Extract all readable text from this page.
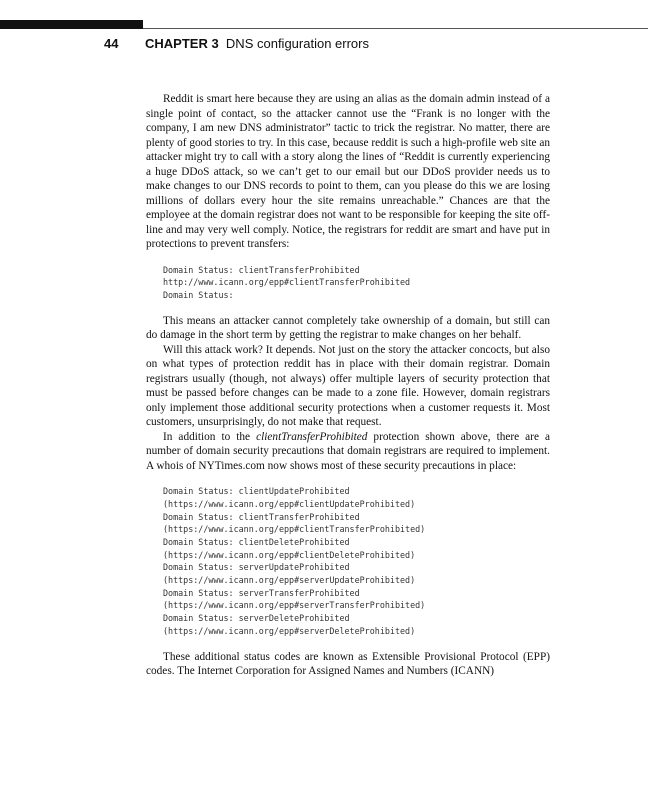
44 CHAPTER 3 DNS configuration errors

Reddit is smart here because they are using an alias as the domain admin instead of a single point of contact, so the attacker cannot use the “Frank is no longer with the company, I am new DNS administrator” tactic to trick the registrar. No matter, there are plenty of good stories to try. In this case, because reddit is such a high-profile web site an attacker might try to call with a story along the lines of “Reddit is currently experiencing a huge DDoS attack, so we can’t get to our email but our DDoS provider needs us to make changes to our DNS records to point to them, can you please do this we are losing millions of dollars every hour the site remains unreachable.” Chances are that the employee at the domain registrar does not want to be responsible for keeping the site off-line and may very well comply. Notice, the registrars for reddit are smart and have put in protections to prevent transfers:

Domain Status: clientTransferProhibited
http://www.icann.org/epp#clientTransferProhibited
Domain Status:

This means an attacker cannot completely take ownership of a domain, but still can do damage in the short term by getting the registrar to make changes on her behalf.

Will this attack work? It depends. Not just on the story the attacker concocts, but also on what types of protection reddit has in place with their domain registrar. Domain registrars usually (though, not always) offer multiple layers of security protection that must be passed before changes can be made to a zone file. However, domain registrars only implement those additional security protections when a customer requests it. Most customers, unsurprisingly, do not make that request.

In addition to the clientTransferProhibited protection shown above, there are a number of domain security precautions that domain registrars are required to implement. A whois of NYTimes.com now shows most of these security precautions in place:

Domain Status: clientUpdateProhibited
(https://www.icann.org/epp#clientUpdateProhibited)
Domain Status: clientTransferProhibited
(https://www.icann.org/epp#clientTransferProhibited)
Domain Status: clientDeleteProhibited
(https://www.icann.org/epp#clientDeleteProhibited)
Domain Status: serverUpdateProhibited
(https://www.icann.org/epp#serverUpdateProhibited)
Domain Status: serverTransferProhibited
(https://www.icann.org/epp#serverTransferProhibited)
Domain Status: serverDeleteProhibited
(https://www.icann.org/epp#serverDeleteProhibited)

These additional status codes are known as Extensible Provisional Protocol (EPP) codes. The Internet Corporation for Assigned Names and Numbers (ICANN)
